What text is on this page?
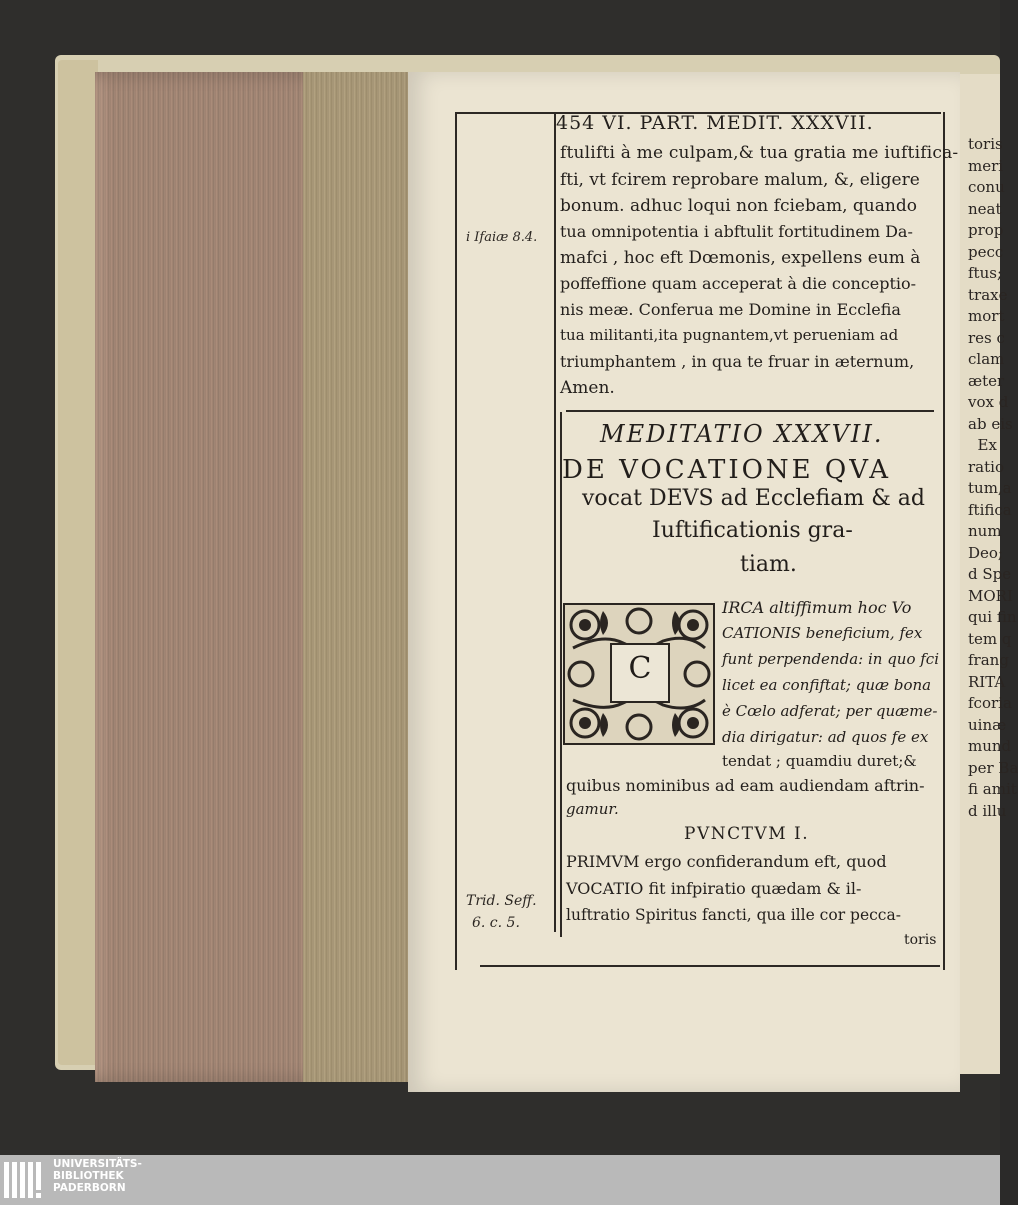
toris
meri
conu
neat
prop
pecc
ftus;
traxe
mort
res c
clam
æter
vox d
ab eis
Ex
ratio
tum,a
ftifica
num
Deo;
d Spe
MORI
qui fin
tem q
frang
RITA
fcoria
uinæ
mund
per Ba
fi amit
d illu
454 VI. PART. MEDIT. XXXVII.
ftulifti à me culpam,& tua gratia me iuftifica-
fti, vt fcirem reprobare malum, &, eligere
bonum. adhuc loqui non fciebam, quando
tua omnipotentia i abftulit fortitudinem Da-
mafci , hoc eft Dœmonis, expellens eum à
poffeffione quam acceperat à die conceptio-
nis meæ. Conferua me Domine in Ecclefia
tua militanti,ita pugnantem,vt perueniam ad
triumphantem , in qua te fruar in æternum,
Amen.
i Ifaiæ 8.4.
MEDITATIO XXXVII.
DE VOCATIONE QVA
vocat DEVS ad Ecclefiam & ad
Iuftificationis gra-
tiam.
C
IRCA altiffimum hoc Vo
CATIONIS beneficium, fex
funt perpendenda: in quo fci
licet ea confiftat; quæ bona
è Cœlo adferat; per quæme-
dia dirigatur: ad quos fe ex
tendat ; quamdiu duret;&
quibus nominibus ad eam audiendam aftrin-
gamur.
PVNCTVM I.
PRIMVM ergo confiderandum eft, quod
VOCATIO fit infpiratio quædam & il-
luftratio Spiritus fancti, qua ille cor pecca-
toris
Trid. Seff.
6. c. 5.
UNIVERSITÄTS-
BIBLIOTHEK
PADERBORN
